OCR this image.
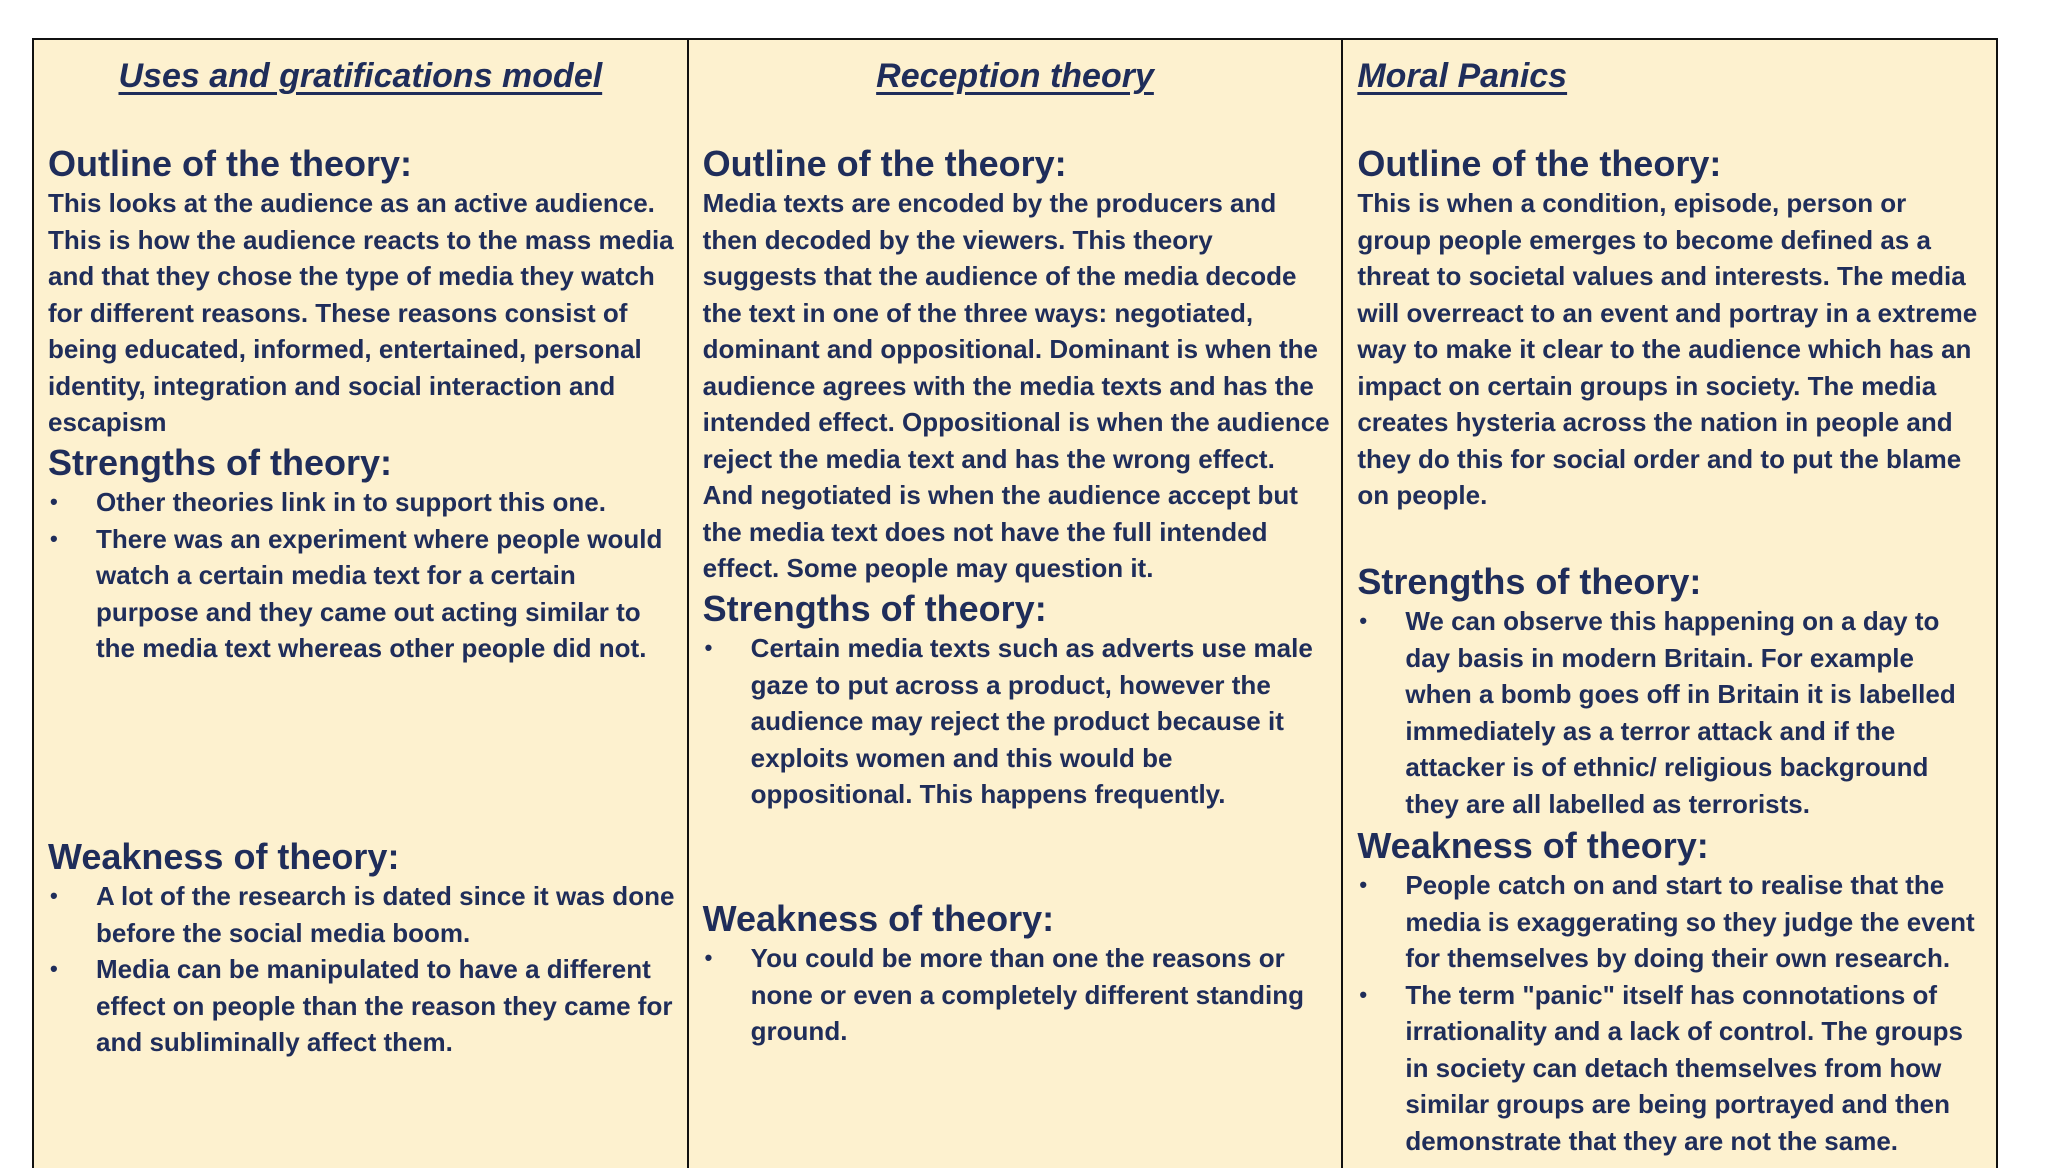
Uses and gratifications model
Outline of the theory:

This looks at the audience as an active audience. This is how the audience reacts to the mass media and that they chose the type of media they watch for different reasons. These reasons consist of being educated, informed, entertained, personal identity, integration and social interaction and escapism

Strengths of theory:
• Other theories link in to support this one.
• There was an experiment where people would watch a certain media text for a certain purpose and they came out acting similar to the media text whereas other people did not.
Weakness of theory:
• A lot of the research is dated since it was done before the social media boom.
• Media can be manipulated to have a different effect on people than the reason they came for and subliminally affect them.
Reception theory
Outline of the theory:

Media texts are encoded by the producers and then decoded by the viewers. This theory suggests that the audience of the media decode the text in one of the three ways: negotiated, dominant and oppositional. Dominant is when the audience agrees with the media texts and has the intended effect. Oppositional is when the audience reject the media text and has the wrong effect. And negotiated is when the audience accept but the media text does not have the full intended effect. Some people may question it.

Strengths of theory:
• Certain media texts such as adverts use male gaze to put across a product, however the audience may reject the product because it exploits women and this would be oppositional. This happens frequently.
Weakness of theory:
• You could be more than one the reasons or none or even a completely different standing ground.
Moral Panics
Outline of the theory:

This is when a condition, episode, person or group people emerges to become defined as a threat to societal values and interests. The media will overreact to an event and portray in a extreme way to make it clear to the audience which has an impact on certain groups in society. The media creates hysteria across the nation in people and they do this for social order and to put the blame on people.

Strengths of theory:
• We can observe this happening on a day to day basis in modern Britain. For example when a bomb goes off in Britain it is labelled immediately as a terror attack and if the attacker is of ethnic/ religious background they are all labelled as terrorists.
Weakness of theory:
• People catch on and start to realise that the media is exaggerating so they judge the event for themselves by doing their own research.
• The term "panic" itself has connotations of irrationality and a lack of control. The groups in society can detach themselves from how similar groups are being portrayed and then demonstrate that they are not the same.
